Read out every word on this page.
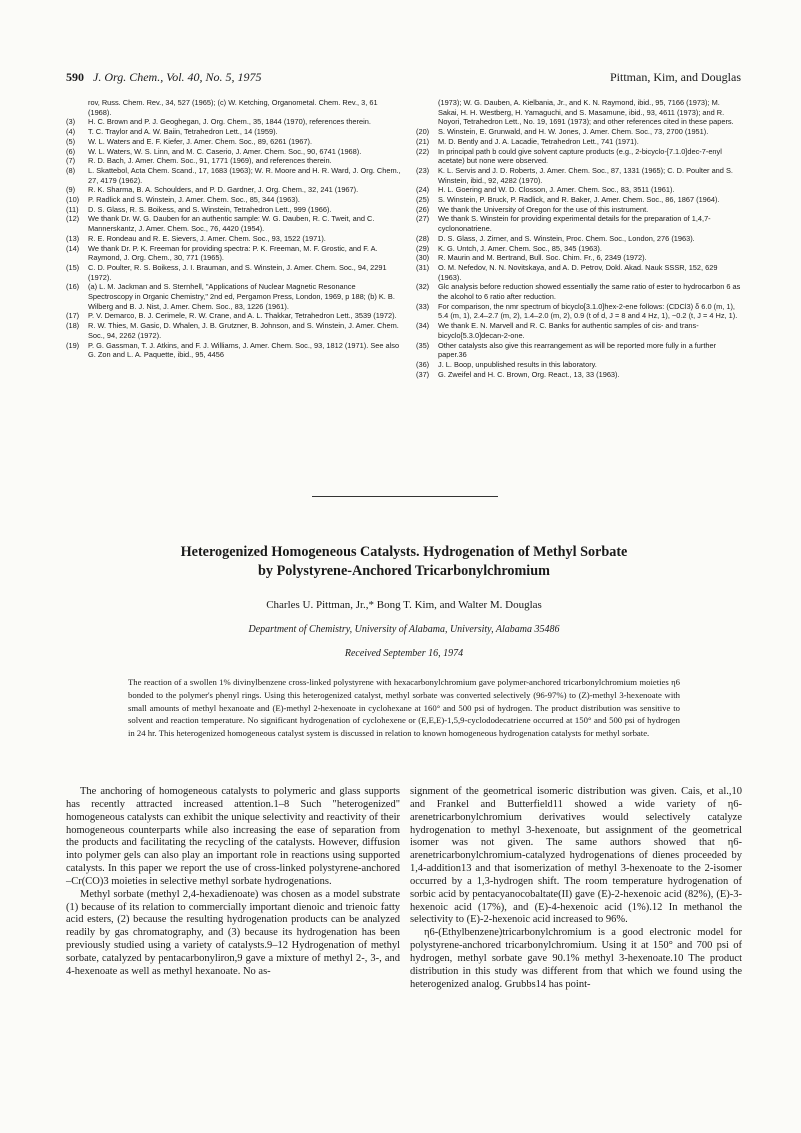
590 J. Org. Chem., Vol. 40, No. 5, 1975	Pittman, Kim, and Douglas
rov, Russ. Chem. Rev., 34, 527 (1965); (c) W. Ketching, Organometal. Chem. Rev., 3, 61 (1968).
(3)	H. C. Brown and P. J. Geoghegan, J. Org. Chem., 35, 1844 (1970), references therein.
(4)	T. C. Traylor and A. W. Baiin, Tetrahedron Lett., 14 (1959).
(5)	W. L. Waters and E. F. Kiefer, J. Amer. Chem. Soc., 89, 6261 (1967).
(6)	W. L. Waters, W. S. Linn, and M. C. Caserio, J. Amer. Chem. Soc., 90, 6741 (1968).
(7)	R. D. Bach, J. Amer. Chem. Soc., 91, 1771 (1969), and references therein.
(8)	L. Skattebol, Acta Chem. Scand., 17, 1683 (1963); W. R. Moore and H. R. Ward, J. Org. Chem., 27, 4179 (1962).
(9)	R. K. Sharma, B. A. Schoulders, and P. D. Gardner, J. Org. Chem., 32, 241 (1967).
(10)	P. Radlick and S. Winstein, J. Amer. Chem. Soc., 85, 344 (1963).
(11)	D. S. Glass, R. S. Boikess, and S. Winstein, Tetrahedron Lett., 999 (1966).
(12)	We thank Dr. W. G. Dauben for an authentic sample: W. G. Dauben, R. C. Tweit, and C. Mannerskantz, J. Amer. Chem. Soc., 76, 4420 (1954).
(13)	R. E. Rondeau and R. E. Sievers, J. Amer. Chem. Soc., 93, 1522 (1971).
(14)	We thank Dr. P. K. Freeman for providing spectra: P. K. Freeman, M. F. Grostic, and F. A. Raymond, J. Org. Chem., 30, 771 (1965).
(15)	C. D. Poulter, R. S. Boikess, J. I. Brauman, and S. Winstein, J. Amer. Chem. Soc., 94, 2291 (1972).
(16)	(a) L. M. Jackman and S. Sternhell, "Applications of Nuclear Magnetic Resonance Spectroscopy in Organic Chemistry," 2nd ed, Pergamon Press, London, 1969, p 188; (b) K. B. Wilberg and B. J. Nist, J. Amer. Chem. Soc., 83, 1226 (1961).
(17)	P. V. Demarco, B. J. Cerimele, R. W. Crane, and A. L. Thakkar, Tetrahedron Lett., 3539 (1972).
(18)	R. W. Thies, M. Gasic, D. Whalen, J. B. Grutzner, B. Johnson, and S. Winstein, J. Amer. Chem. Soc., 94, 2262 (1972).
(19)	P. G. Gassman, T. J. Atkins, and F. J. Williams, J. Amer. Chem. Soc., 93, 1812 (1971). See also G. Zon and L. A. Paquette, ibid., 95, 4456
(1973); W. G. Dauben, A. Kielbania, Jr., and K. N. Raymond, ibid., 95, 7166 (1973); M. Sakai, H. H. Westberg, H. Yamaguchi, and S. Masamune, ibid., 93, 4611 (1973); and R. Noyori, Tetrahedron Lett., No. 19, 1691 (1973); and other references cited in these papers.
(20)	S. Winstein, E. Grunwald, and H. W. Jones, J. Amer. Chem. Soc., 73, 2700 (1951).
(21)	M. D. Bently and J. A. Lacadie, Tetrahedron Lett., 741 (1971).
(22)	In principal path b could give solvent capture products (e.g., 2-bicyclo-[7.1.0]dec-7-enyl acetate) but none were observed.
(23)	K. L. Servis and J. D. Roberts, J. Amer. Chem. Soc., 87, 1331 (1965); C. D. Poulter and S. Winstein, ibid., 92, 4282 (1970).
(24)	H. L. Goering and W. D. Closson, J. Amer. Chem. Soc., 83, 3511 (1961).
(25)	S. Winstein, P. Bruck, P. Radlick, and R. Baker, J. Amer. Chem. Soc., 86, 1867 (1964).
(26)	We thank the University of Oregon for the use of this instrument.
(27)	We thank S. Winstein for providing experimental details for the preparation of 1,4,7-cyclononatriene.
(28)	D. S. Glass, J. Zirner, and S. Winstein, Proc. Chem. Soc., London, 276 (1963).
(29)	K. G. Untch, J. Amer. Chem. Soc., 85, 345 (1963).
(30)	R. Maurin and M. Bertrand, Bull. Soc. Chim. Fr., 6, 2349 (1972).
(31)	O. M. Nefedov, N. N. Novitskaya, and A. D. Petrov, Dokl. Akad. Nauk SSSR, 152, 629 (1963).
(32)	Glc analysis before reduction showed essentially the same ratio of ester to hydrocarbon 6 as the alcohol to 6 ratio after reduction.
(33)	For comparison, the nmr spectrum of bicyclo[3.1.0]hex-2-ene follows: (CDCl3) δ 6.0 (m, 1), 5.4 (m, 1), 2.4–2.7 (m, 2), 1.4–2.0 (m, 2), 0.9 (t of d, J = 8 and 4 Hz, 1), −0.2 (t, J = 4 Hz, 1).
(34)	We thank E. N. Marvell and R. C. Banks for authentic samples of cis- and trans-bicyclo[5.3.0]decan-2-one.
(35)	Other catalysts also give this rearrangement as will be reported more fully in a further paper.36
(36)	J. L. Boop, unpublished results in this laboratory.
(37)	G. Zweifel and H. C. Brown, Org. React., 13, 33 (1963).
Heterogenized Homogeneous Catalysts. Hydrogenation of Methyl Sorbate
by Polystyrene-Anchored Tricarbonylchromium
Charles U. Pittman, Jr.,* Bong T. Kim, and Walter M. Douglas
Department of Chemistry, University of Alabama, University, Alabama 35486
Received September 16, 1974
The reaction of a swollen 1% divinylbenzene cross-linked polystyrene with hexacarbonylchromium gave polymer-anchored tricarbonylchromium moieties η6 bonded to the polymer's phenyl rings. Using this heterogenized catalyst, methyl sorbate was converted selectively (96-97%) to (Z)-methyl 3-hexenoate with small amounts of methyl hexanoate and (E)-methyl 2-hexenoate in cyclohexane at 160° and 500 psi of hydrogen. The product distribution was sensitive to solvent and reaction temperature. No significant hydrogenation of cyclohexene or (E,E,E)-1,5,9-cyclododecatriene occurred at 150° and 500 psi of hydrogen in 24 hr. This heterogenized homogeneous catalyst system is discussed in relation to known homogeneous hydrogenation catalysts for methyl sorbate.

The anchoring of homogeneous catalysts to polymeric and glass supports has recently attracted increased attention.1–8 Such "heterogenized" homogeneous catalysts can exhibit the unique selectivity and reactivity of their homogeneous counterparts while also increasing the ease of separation from the products and facilitating the recycling of the catalysts. However, diffusion into polymer gels can also play an important role in reactions using supported catalysts. In this paper we report the use of cross-linked polystyrene-anchored –Cr(CO)3 moieties in selective methyl sorbate hydrogenations.

Methyl sorbate (methyl 2,4-hexadienoate) was chosen as a model substrate (1) because of its relation to commercially important dienoic and trienoic fatty acid esters, (2) because the resulting hydrogenation products can be analyzed readily by gas chromatography, and (3) because its hydrogenation has been previously studied using a variety of catalysts.9–12 Hydrogenation of methyl sorbate, catalyzed by pentacarbonyliron,9 gave a mixture of methyl 2-, 3-, and 4-hexenoate as well as methyl hexanoate. No as-

signment of the geometrical isomeric distribution was given. Cais, et al.,10 and Frankel and Butterfield11 showed a wide variety of η6-arenetricarbonylchromium derivatives would selectively catalyze hydrogenation to methyl 3-hexenoate, but assignment of the geometrical isomer was not given. The same authors showed that η6-arenetricarbonylchromium-catalyzed hydrogenations of dienes proceeded by 1,4-addition13 and that isomerization of methyl 3-hexenoate to the 2-isomer occurred by a 1,3-hydrogen shift. The room temperature hydrogenation of sorbic acid by pentacyanocobaltate(II) gave (E)-2-hexenoic acid (82%), (E)-3-hexenoic acid (17%), and (E)-4-hexenoic acid (1%).12 In methanol the selectivity to (E)-2-hexenoic acid increased to 96%.

η6-(Ethylbenzene)tricarbonylchromium is a good electronic model for polystyrene-anchored tricarbonylchromium. Using it at 150° and 700 psi of hydrogen, methyl sorbate gave 90.1% methyl 3-hexenoate.10 The product distribution in this study was different from that which we found using the heterogenized analog. Grubbs14 has point-
